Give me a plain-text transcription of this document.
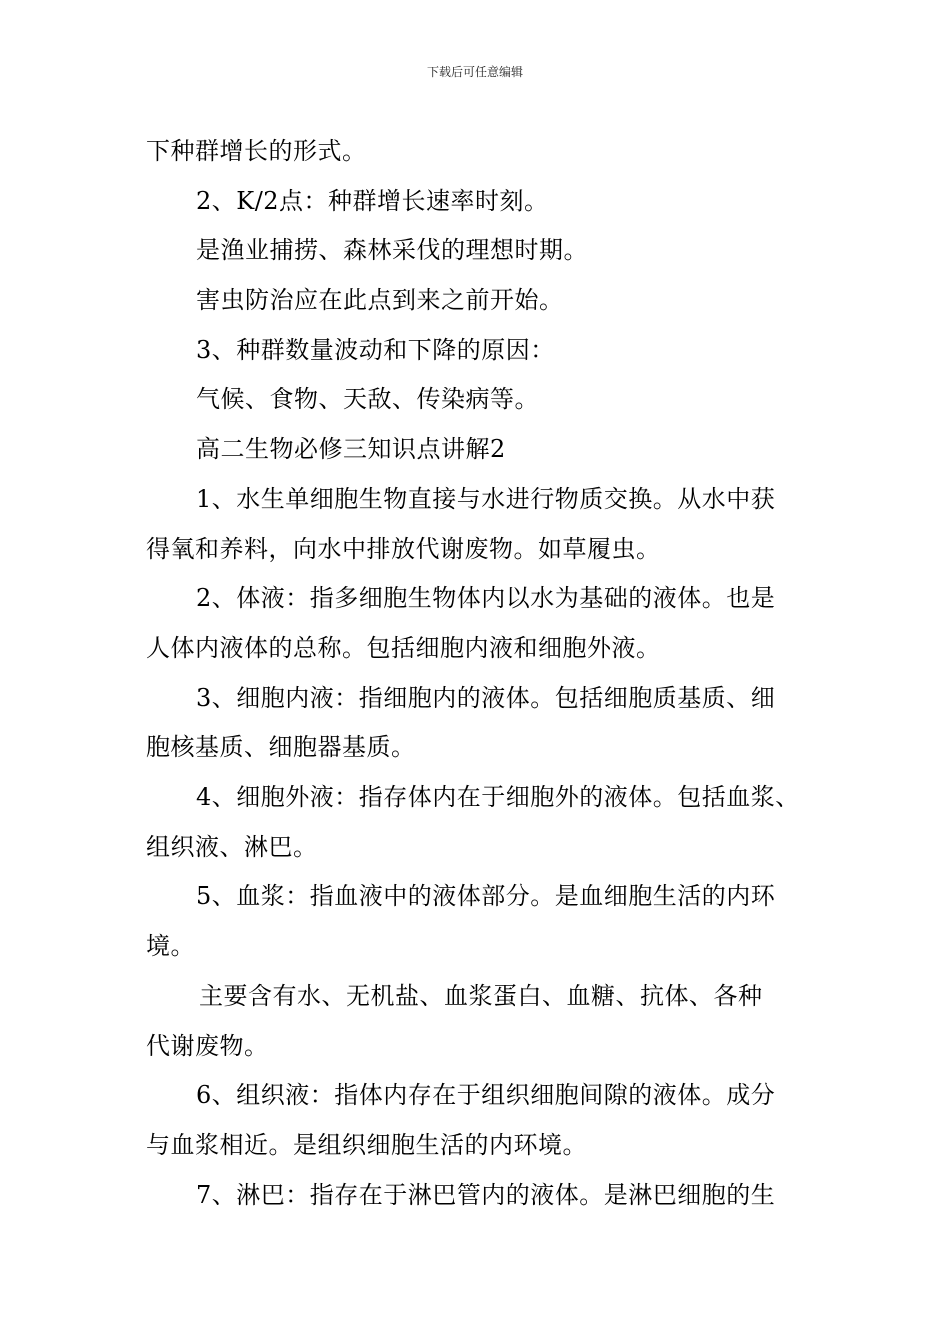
下载后可任意编辑
下种群增长的形式。
2、K/2点：种群增长速率时刻。
是渔业捕捞、森林采伐的理想时期。
害虫防治应在此点到来之前开始。
3、种群数量波动和下降的原因：
气候、食物、天敌、传染病等。
高二生物必修三知识点讲解2
1、水生单细胞生物直接与水进行物质交换。从水中获
得氧和养料，向水中排放代谢废物。如草履虫。
2、体液：指多细胞生物体内以水为基础的液体。也是
人体内液体的总称。包括细胞内液和细胞外液。
3、细胞内液：指细胞内的液体。包括细胞质基质、细
胞核基质、细胞器基质。
4、细胞外液：指存体内在于细胞外的液体。包括血浆、
组织液、淋巴。
5、血浆：指血液中的液体部分。是血细胞生活的内环
境。
主要含有水、无机盐、血浆蛋白、血糖、抗体、各种
代谢废物。
6、组织液：指体内存在于组织细胞间隙的液体。成分
与血浆相近。是组织细胞生活的内环境。
7、淋巴：指存在于淋巴管内的液体。是淋巴细胞的生
